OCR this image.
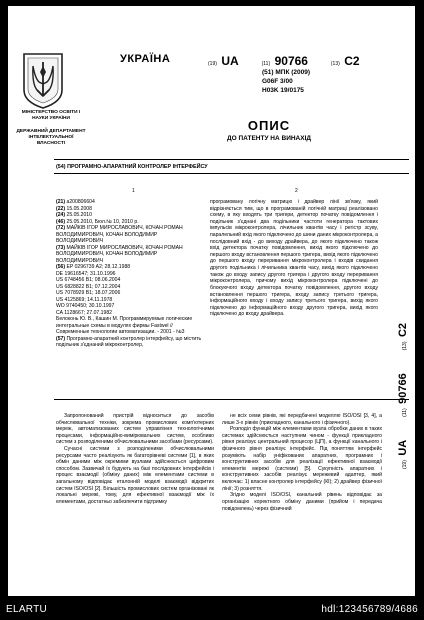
УКРАЇНА
МІНІСТЕРСТВО ОСВІТИ І НАУКИ УКРАЇНИ
ДЕРЖАВНИЙ ДЕПАРТАМЕНТ ІНТЕЛЕКТУАЛЬНОЇ ВЛАСНОСТІ
(19) UA	(11) 90766	(13) C2
(51) МПК (2009)
G06F 3/00
H03K 19/0175
ОПИС
ДО ПАТЕНТУ НА ВИНАХІД
(54) ПРОГРАМНО-АПАРАТНИЙ КОНТРОЛЕР ІНТЕРФЕЙСУ
1	2
(21) a200806604
(22) 15.05.2008
(24) 25.05.2010
(46) 25.05.2010, Бюл.№ 10, 2010 р.
(72) МАЙКІВ ІГОР МИРОСЛАВОВИЧ, КОЧАН РОМАН ВОЛОДИМИРОВИЧ, КОЧАН ВОЛОДИМИР ВОЛОДИМИРОВИЧ
(73) МАЙКІВ ІГОР МИРОСЛАВОВИЧ, КОЧАН РОМАН ВОЛОДИМИРОВИЧ, КОЧАН ВОЛОДИМИР ВОЛОДИМИРОВИЧ
(56) EP 0296739 A2; 28.12.1988
DE 19616547; 31.10.1996
US 6748456 B1; 08.06.2004
US 6828822 B1; 07.12.2004
US 7078929 B1; 18.07.2006
US 4125869; 14.11.1978
WO 9740450; 30.10.1997
CA 1128667; 27.07.1982
Белоконь Ю. В., Кашин М. Программируемые логические интегральные схемы в модулях фирмы Fastwel // Современные технологии автоматизации. - 2001 - №3
(57) Програмно-апаратний контролер інтерфейсу, що містить подільник з'єднаний мікроконтролер,
програмовану логічну матрицю і драйвер лінії зв'язку, який відрізняється тим, що в програмованій логічній матриці реалізовано схему, в яку входять три тригери, детектор початку повідомлення і подільник з'єднані два подільники частоти генератора тактових імпульсів мікроконтролера, лічильник квантів часу і регістр зсуву, паралельний вхід якого підключено до шини даних мікроконтролера, а послідовний вхід - до виходу драйвера, до якого підключено також вхід детектора початку повідомлення, вихід якого підключено до першого входу встановлення першого тригера, вихід якого підключено до першого входу переривання мікроконтролера і входів скидання другого подільника і лічильника квантів часу, вихід якого підключено також до входу запису другого тригера і другого входу переривання мікроконтролера, причому вихід мікроконтролера підключені до блокуючого входу детектора початку повідомлення, другого входу встановлення першого тригера, входу запису третього тригера, інформаційного входу і входу запису третього тригера, вихід якого підключено до інформаційного входу другого тригера, вихід якого підключено до входу драйвера.

Запропонований пристрій відноситься до засобів обчислювальної техніки, зокрема промислових комп'ютерних мереж, автоматизованих систем управління технологічними процесами, інформаційно-вимірювальних систем, особливо систем з розподіленими обчислювальними засобами (ресурсами).

Сучасні системи з розподіленими обчислювальними ресурсами часто реалізують як багаторівневі системи [1], в яких обмін даними між окремими вузлами здійснюється цифровим способом. Зазвичай їх будують на базі послідовних інтерфейсів і процес взаємодії (обміну даних) між елементами системи в загальному відповідає еталонній моделі взаємодії відкритих систем ISO/OSI [2]. Більшість промислових систем організовані як локальні мережі, тому, для ефективної взаємодії між їх елементами, достатньо забезпечити підтримку

не всіх семи рівнів, які передбачені моделлю ISO/OSI [3, 4], а лише 3-х рівнів (прикладного, канального і фізичного).

Розподіл функцій між елементами вузла обробки даних в таких системах здійснюється наступним чином - функції прикладного рівня реалізує центральний процесор (ЦП), а функції канального і фізичного рівня реалізує інтерфейс. Під поняттям інтерфейс розуміють набір уніфікованих апаратних, програмних і конструктивних засобів для реалізації ефективної взаємодії елементів мережі (системи) [5]. Сукупність апаратних і конструктивних засобів реалізує мережевий адаптер, який включає: 1) власне контролер інтерфейсу (КІ); 2) драйвер фізичної лінії; 3) розняття.

Згідно моделі ISO/OSI, канальний рівень відповідає за організацію коректного обміну даними (прийом і передача повідомлень) через фізичний

(19) UA  (11) 90766  (13) C2
ELARTU	hdl:123456789/4686
